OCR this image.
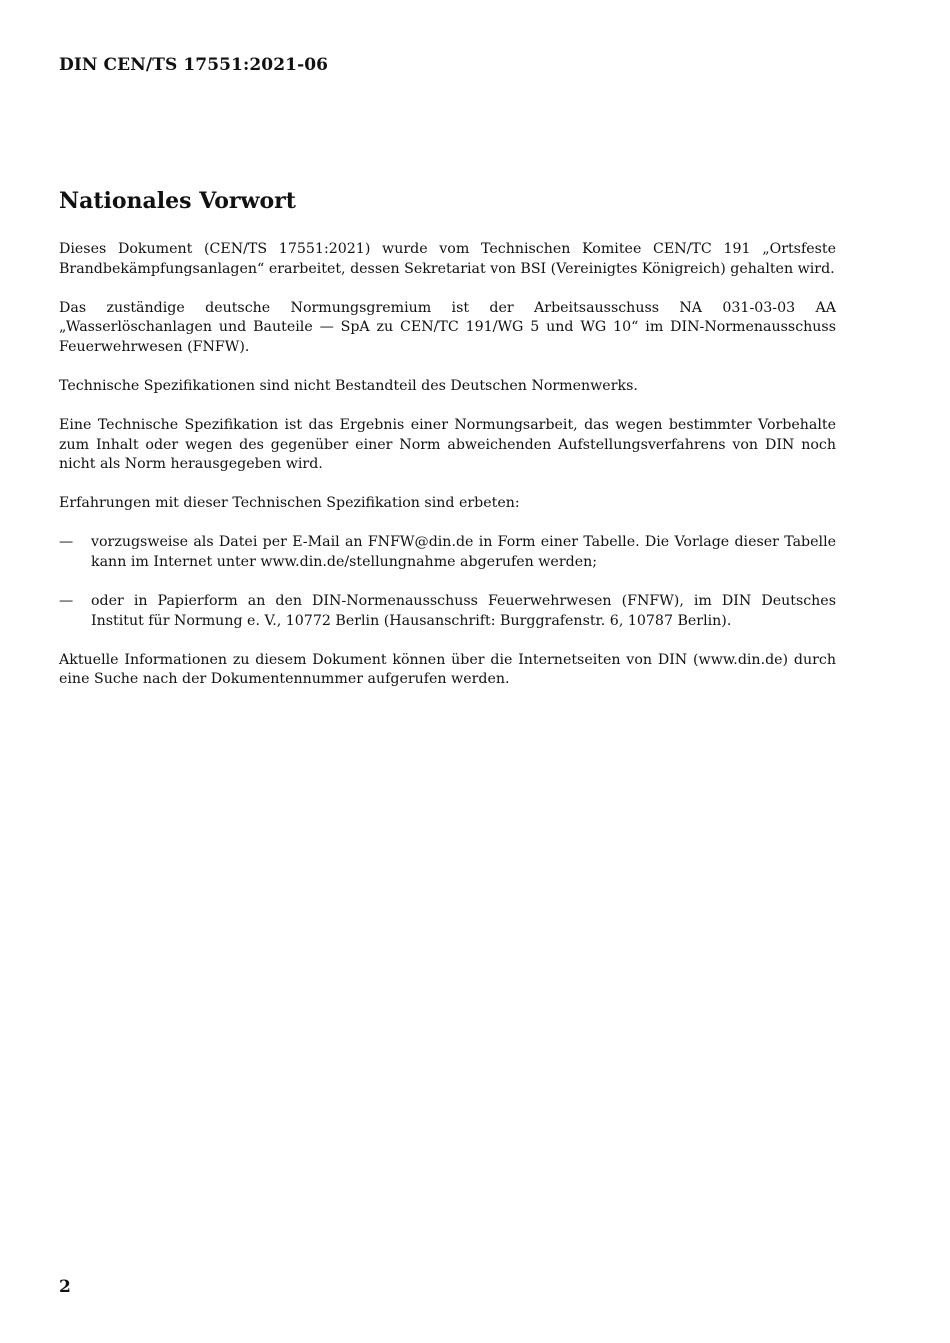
DIN CEN/TS 17551:2021-06
Nationales Vorwort

Dieses Dokument (CEN/TS 17551:2021) wurde vom Technischen Komitee CEN/TC 191 „Ortsfeste Brandbekämpfungsanlagen“ erarbeitet, dessen Sekretariat von BSI (Vereinigtes Königreich) gehalten wird.

Das zuständige deutsche Normungsgremium ist der Arbeitsausschuss NA 031-03-03 AA „Wasserlöschanlagen und Bauteile — SpA zu CEN/TC 191/WG 5 und WG 10“ im DIN-Normenausschuss Feuerwehrwesen (FNFW).

Technische Spezifikationen sind nicht Bestandteil des Deutschen Normenwerks.

Eine Technische Spezifikation ist das Ergebnis einer Normungsarbeit, das wegen bestimmter Vorbehalte zum Inhalt oder wegen des gegenüber einer Norm abweichenden Aufstellungsverfahrens von DIN noch nicht als Norm herausgegeben wird.

Erfahrungen mit dieser Technischen Spezifikation sind erbeten:

— vorzugsweise als Datei per E-Mail an FNFW@din.de in Form einer Tabelle. Die Vorlage dieser Tabelle kann im Internet unter www.din.de/stellungnahme abgerufen werden;
— oder in Papierform an den DIN-Normenausschuss Feuerwehrwesen (FNFW), im DIN Deutsches Institut für Normung e. V., 10772 Berlin (Hausanschrift: Burggrafenstr. 6, 10787 Berlin).

Aktuelle Informationen zu diesem Dokument können über die Internetseiten von DIN (www.din.de) durch eine Suche nach der Dokumentennummer aufgerufen werden.

2
